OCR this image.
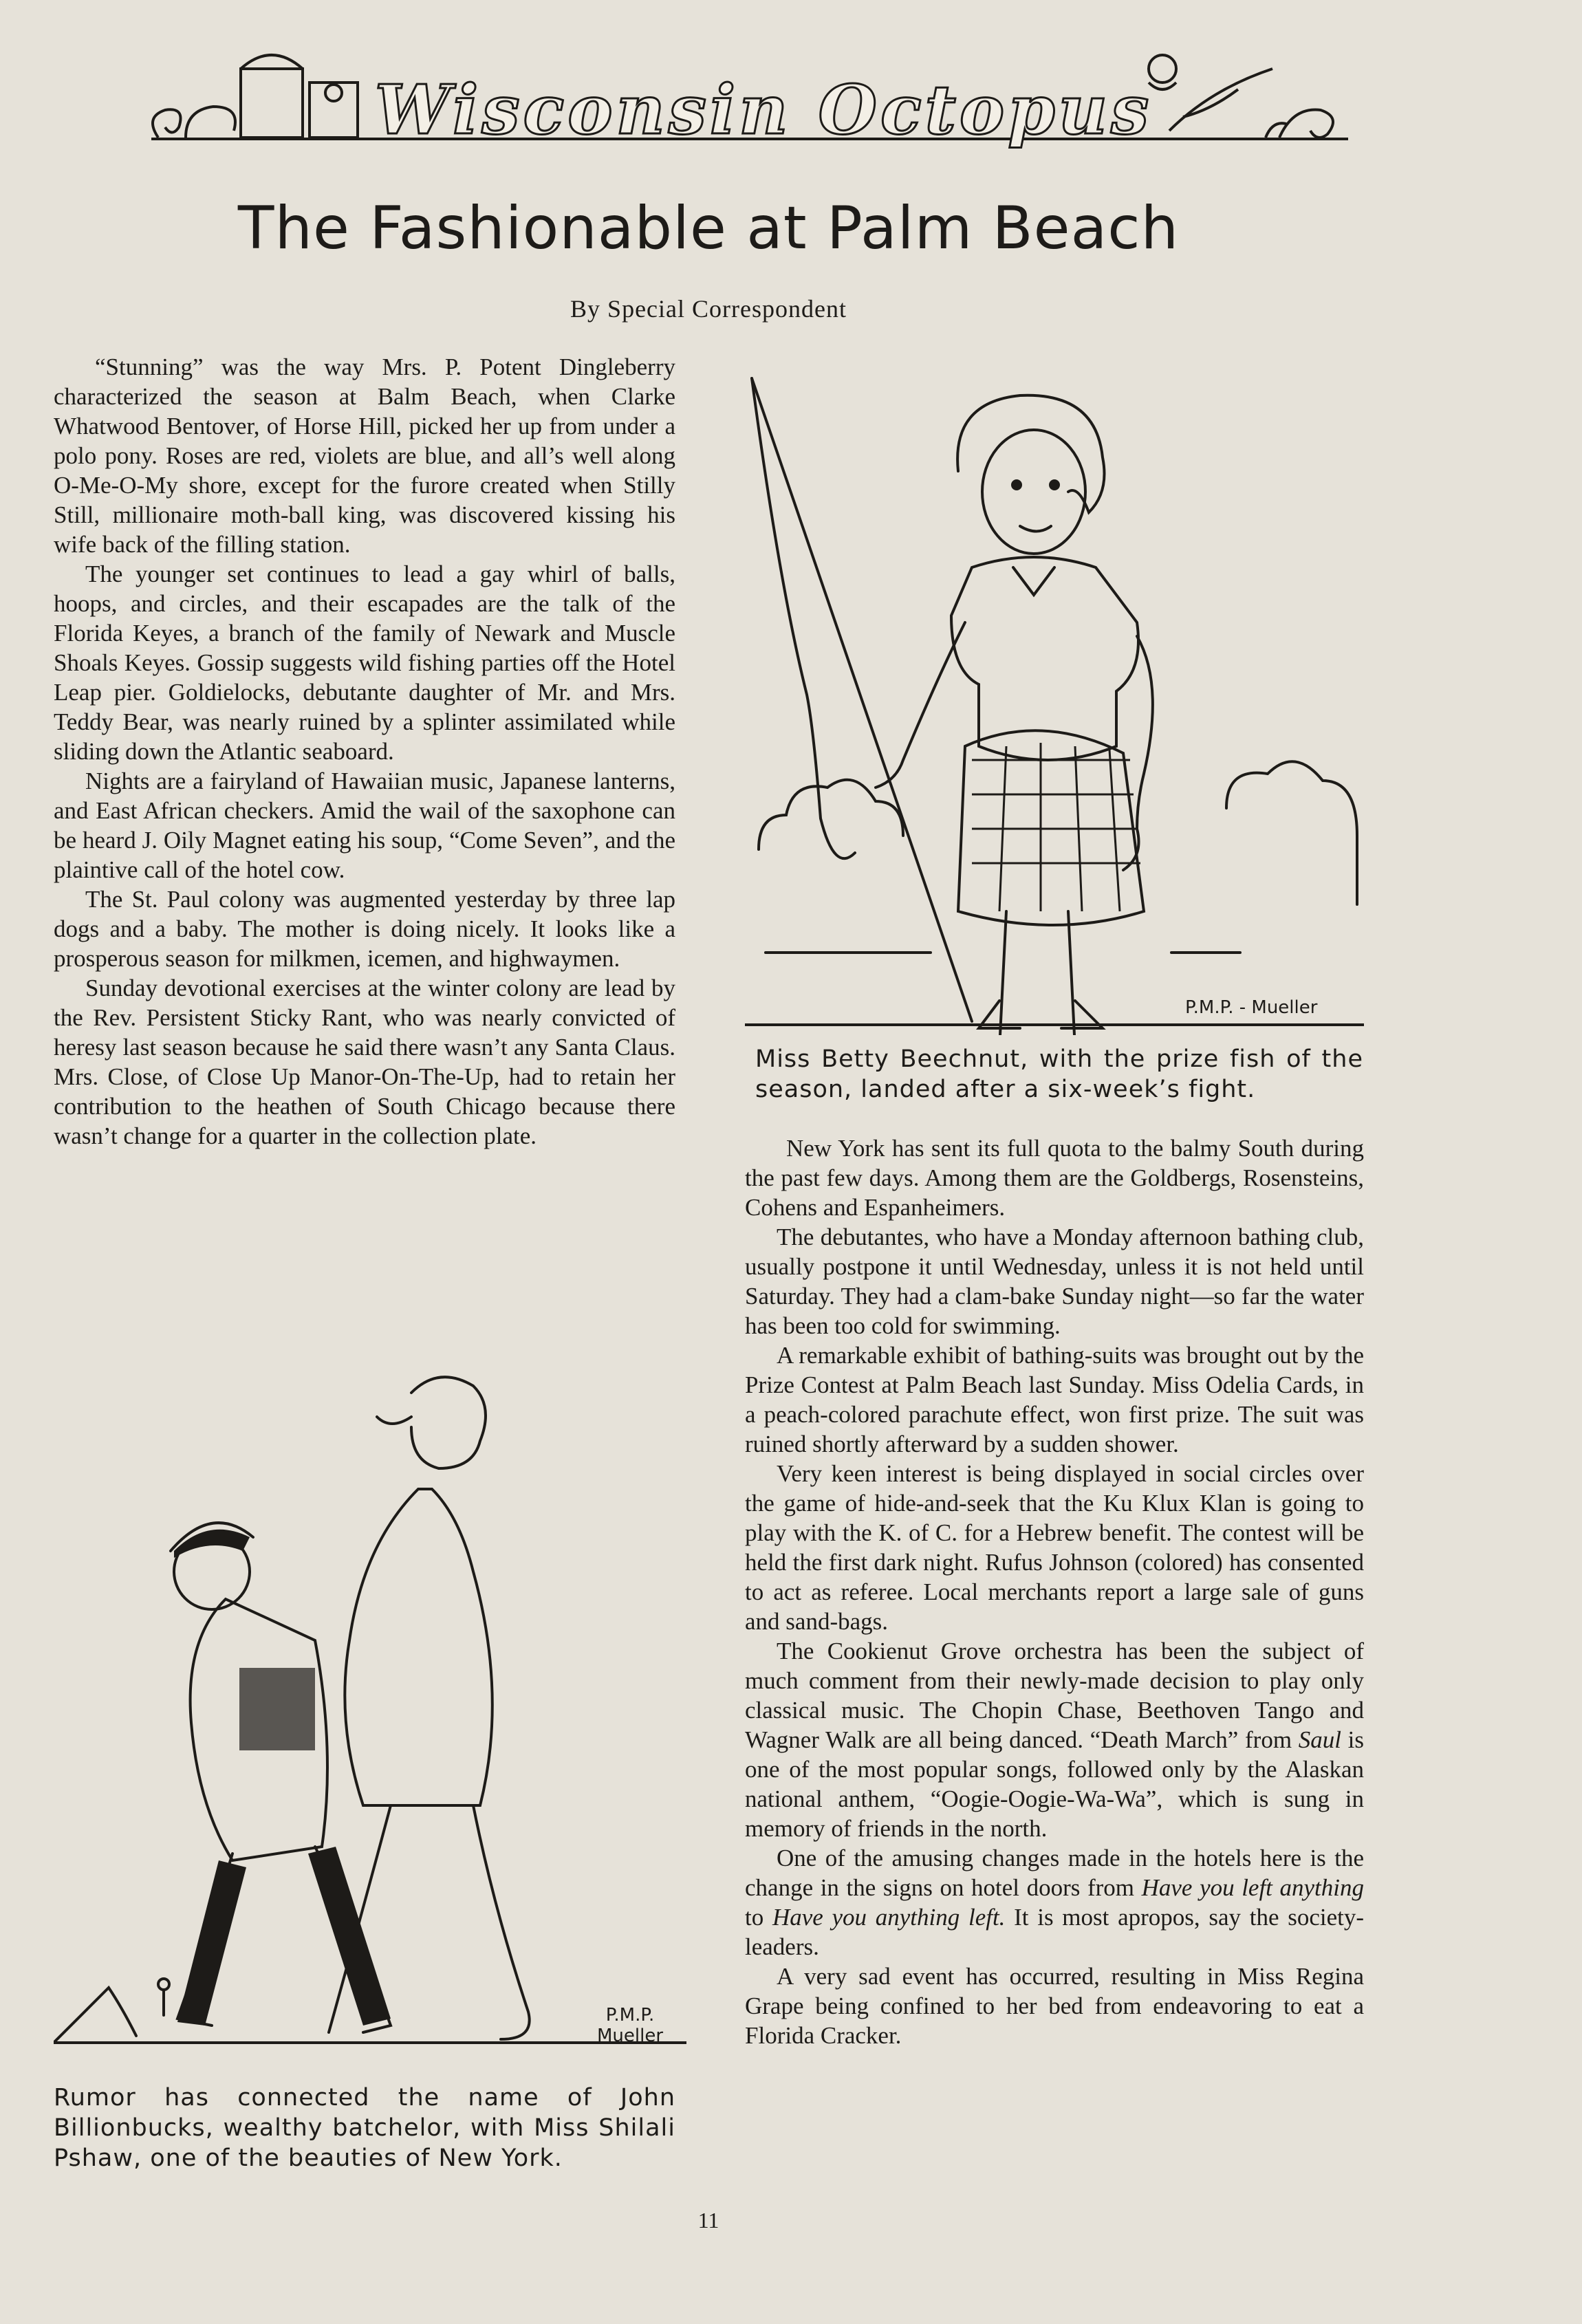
Wisconsin Octopus
The Fashionable at Palm Beach
By Special Correspondent

“Stunning” was the way Mrs. P. Potent Dingleberry characterized the season at Balm Beach, when Clarke Whatwood Bentover, of Horse Hill, picked her up from under a polo pony. Roses are red, violets are blue, and all’s well along O-Me-O-My shore, except for the furore created when Stilly Still, millionaire moth-ball king, was discovered kissing his wife back of the filling station.

The younger set continues to lead a gay whirl of balls, hoops, and circles, and their escapades are the talk of the Florida Keyes, a branch of the family of Newark and Muscle Shoals Keyes. Gossip suggests wild fishing parties off the Hotel Leap pier. Goldielocks, debutante daughter of Mr. and Mrs. Teddy Bear, was nearly ruined by a splinter assimilated while sliding down the Atlantic seaboard.

Nights are a fairyland of Hawaiian music, Japanese lanterns, and East African checkers. Amid the wail of the saxophone can be heard J. Oily Magnet eating his soup, “Come Seven”, and the plaintive call of the hotel cow.

The St. Paul colony was augmented yesterday by three lap dogs and a baby. The mother is doing nicely. It looks like a prosperous season for milkmen, icemen, and highwaymen.

Sunday devotional exercises at the winter colony are lead by the Rev. Persistent Sticky Rant, who was nearly convicted of heresy last season because he said there wasn’t any Santa Claus. Mrs. Close, of Close Up Manor-On-The-Up, had to retain her contribution to the heathen of South Chicago because there wasn’t change for a quarter in the collection plate.

P.M.P. - Mueller
Miss Betty Beechnut, with the prize fish of the season, landed after a six-week’s fight.

New York has sent its full quota to the balmy South during the past few days. Among them are the Goldbergs, Rosensteins, Cohens and Espanheimers.

The debutantes, who have a Monday afternoon bathing club, usually postpone it until Wednesday, unless it is not held until Saturday. They had a clam-bake Sunday night—so far the water has been too cold for swimming.

A remarkable exhibit of bathing-suits was brought out by the Prize Contest at Palm Beach last Sunday. Miss Odelia Cards, in a peach-colored parachute effect, won first prize. The suit was ruined shortly afterward by a sudden shower.

Very keen interest is being displayed in social circles over the game of hide-and-seek that the Ku Klux Klan is going to play with the K. of C. for a Hebrew benefit. The contest will be held the first dark night. Rufus Johnson (colored) has consented to act as referee. Local merchants report a large sale of guns and sand-bags.

The Cookienut Grove orchestra has been the subject of much comment from their newly-made decision to play only classical music. The Chopin Chase, Beethoven Tango and Wagner Walk are all being danced. “Death March” from Saul is one of the most popular songs, followed only by the Alaskan national anthem, “Oogie-Oogie-Wa-Wa”, which is sung in memory of friends in the north.

One of the amusing changes made in the hotels here is the change in the signs on hotel doors from Have you left anything to Have you anything left. It is most apropos, say the society-leaders.

A very sad event has occurred, resulting in Miss Regina Grape being confined to her bed from endeavoring to eat a Florida Cracker.

P.M.P.
Mueller
Rumor has connected the name of John Billionbucks, wealthy batchelor, with Miss Shilali Pshaw, one of the beauties of New York.
11
